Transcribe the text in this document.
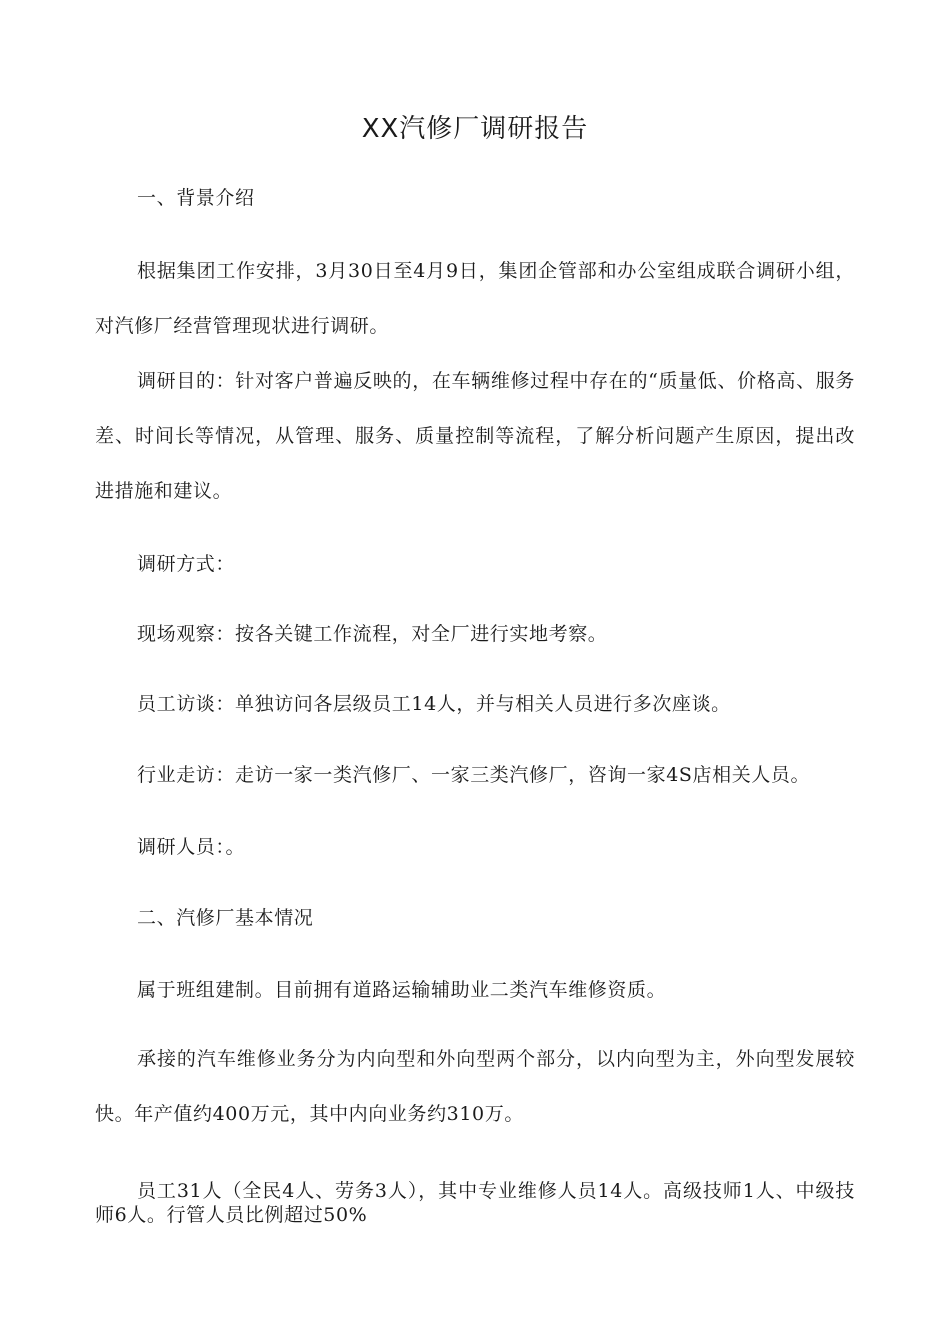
XX汽修厂调研报告

一、背景介绍

根据集团工作安排，3月30日至4月9日，集团企管部和办公室组成联合调研小组，对汽修厂经营管理现状进行调研。

调研目的：针对客户普遍反映的，在车辆维修过程中存在的“质量低、价格高、服务差、时间长等情况，从管理、服务、质量控制等流程，了解分析问题产生原因，提出改进措施和建议。

调研方式：

现场观察：按各关键工作流程，对全厂进行实地考察。

员工访谈：单独访问各层级员工14人，并与相关人员进行多次座谈。

行业走访：走访一家一类汽修厂、一家三类汽修厂，咨询一家4S店相关人员。

调研人员：。

二、汽修厂基本情况

属于班组建制。目前拥有道路运输辅助业二类汽车维修资质。

承接的汽车维修业务分为内向型和外向型两个部分，以内向型为主，外向型发展较快。年产值约400万元，其中内向业务约310万。

员工31人（全民4人、劳务3人），其中专业维修人员14人。高级技师1人、中级技师6人。行管人员比例超过50%
